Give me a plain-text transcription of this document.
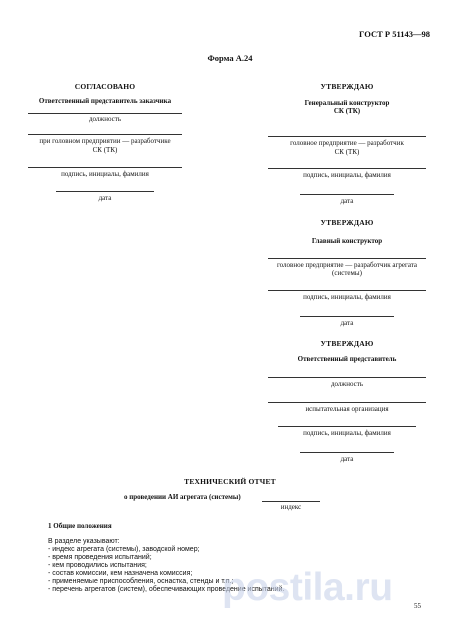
ГОСТ Р 51143—98
Форма А.24
СОГЛАСОВАНО
Ответственный представитель заказчика
должность
при головном предприятии — разработчике
СК (ТК)
подпись, инициалы, фамилия
дата
УТВЕРЖДАЮ
Генеральный конструктор
СК (ТК)
головное предприятие — разработчик
СК (ТК)
подпись, инициалы, фамилия
дата
УТВЕРЖДАЮ
Главный конструктор
головное предприятие — разработчик агрегата
(системы)
подпись, инициалы, фамилия
дата
УТВЕРЖДАЮ
Ответственный представитель
должность
испытательная организация
подпись, инициалы, фамилия
дата
ТЕХНИЧЕСКИЙ ОТЧЕТ
о проведении АИ агрегата (системы)
индекс
1 Общие положения
В разделе указывают:
- индекс агрегата (системы), заводской номер;
- время проведения испытаний;
- кем проводились испытания;
- состав комиссии, кем назначена комиссия;
- применяемые приспособления, оснастка, стенды и т.п.;
- перечень агрегатов (систем), обеспечивающих проведение испытаний.
postila.ru	55
